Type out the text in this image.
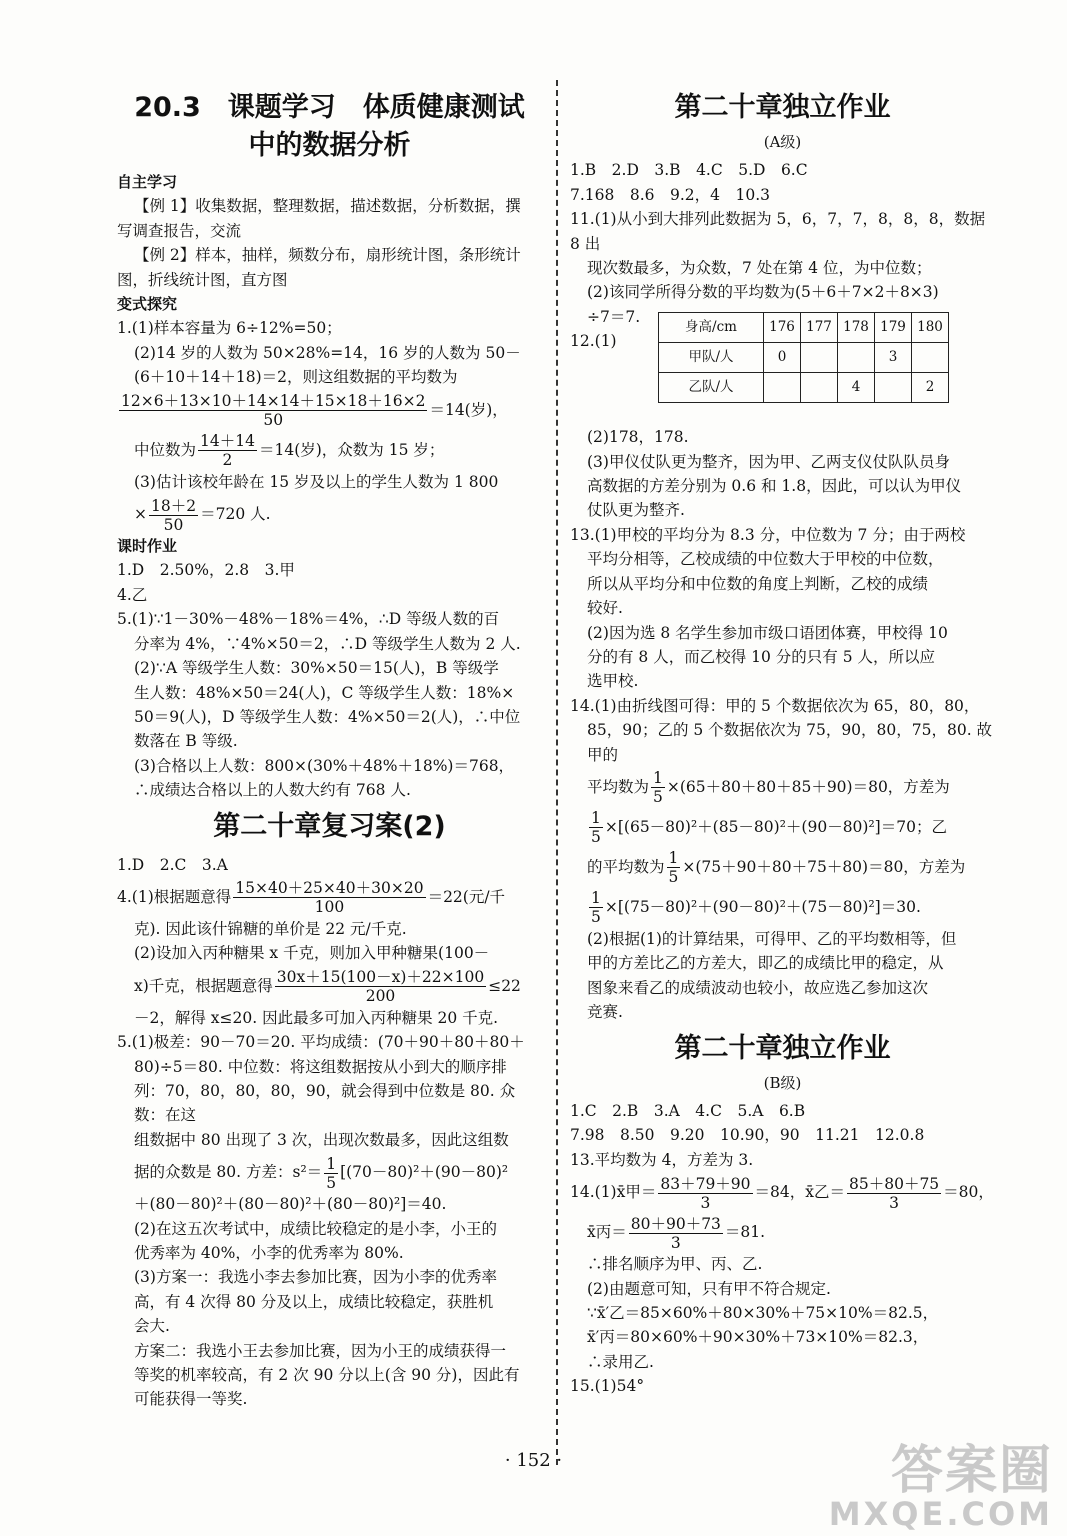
20.3　课题学习　体质健康测试
中的数据分析
自主学习

【例 1】收集数据，整理数据，描述数据，分析数据，撰

写调查报告，交流

【例 2】样本，抽样，频数分布，扇形统计图，条形统计

图，折线统计图，直方图

变式探究

1.(1)样本容量为 6÷12%=50；

(2)14 岁的人数为 50×28%=14，16 岁的人数为 50－

(6＋10＋14＋18)＝2，则这组数据的平均数为

$\frac{12\times 6+13\times 10+14\times 14+15\times 18+16\times 2}{50} =14$(岁)，

中位数为 $\frac{14+14}{2} =14$(岁)，众数为 15 岁；

(3)估计该校年龄在 15 岁及以上的学生人数为 1 800

× $\frac{18+2}{50} =720$ 人.

课时作业

1.D　2.50%，2.8　3.甲

4.乙

5.(1)∵1－30%－48%－18%＝4%，∴D 等级人数的百

分率为 4%，∵4%×50＝2，∴D 等级学生人数为 2 人.

(2)∵A 等级学生人数：30%×50＝15(人)，B 等级学

生人数：48%×50＝24(人)，C 等级学生人数：18%×

50＝9(人)，D 等级学生人数：4%×50＝2(人)，∴中位

数落在 B 等级.

(3)合格以上人数：800×(30%＋48%＋18%)＝768，

∴成绩达合格以上的人数大约有 768 人.

第二十章复习案(2)

1.D　2.C　3.A

4.(1)根据题意得 $\frac{15\times 40+25\times 40+30\times 20}{100} =22$(元/千

克). 因此该什锦糖的单价是 22 元/千克.

(2)设加入丙种糖果 x 千克，则加入甲种糖果(100－

x)千克，根据题意得 $\frac{30x+15(100-x)+22\times 100}{200} \le 22$

－2，解得 x≤20. 因此最多可加入丙种糖果 20 千克.

5.(1)极差：90－70＝20. 平均成绩：(70＋90＋80＋80＋

80)÷5＝80. 中位数：将这组数据按从小到大的顺序排

列：70，80，80，80，90，就会得到中位数是 80. 众数：在这

组数据中 80 出现了 3 次，出现次数最多，因此这组数

据的众数是 80. 方差：$s^2= \frac{1}{5} [(70-80)^2+(90-80)^2$

＋(80－80)²＋(80－80)²＋(80－80)²]＝40.

(2)在这五次考试中，成绩比较稳定的是小李，小王的

优秀率为 40%，小李的优秀率为 80%.

(3)方案一：我选小李去参加比赛，因为小李的优秀率

高，有 4 次得 80 分及以上，成绩比较稳定，获胜机

会大.

方案二：我选小王去参加比赛，因为小王的成绩获得一

等奖的机率较高，有 2 次 90 分以上(含 90 分)，因此有

可能获得一等奖.

第二十章独立作业
(A级)

1.B　2.D　3.B　4.C　5.D　6.C

7.168　8.6　9.2，4　10.3

11.(1)从小到大排列此数据为 5，6，7，7，8，8，8，数据 8 出

现次数最多，为众数，7 处在第 4 位，为中位数；

(2)该同学所得分数的平均数为(5＋6＋7×2＋8×3)

÷7＝7.

12.(1)

身高/cm	176	177	178	179	180
甲队/人	0			3	
乙队/人			4		2

(2)178，178.

(3)甲仪仗队更为整齐，因为甲、乙两支仪仗队队员身

高数据的方差分别为 0.6 和 1.8，因此，可以认为甲仪

仗队更为整齐.

13.(1)甲校的平均分为 8.3 分，中位数为 7 分；由于两校

平均分相等，乙校成绩的中位数大于甲校的中位数，

所以从平均分和中位数的角度上判断，乙校的成绩

较好.

(2)因为选 8 名学生参加市级口语团体赛，甲校得 10

分的有 8 人，而乙校得 10 分的只有 5 人，所以应

选甲校.

14.(1)由折线图可得：甲的 5 个数据依次为 65，80，80，

85，90；乙的 5 个数据依次为 75，90，80，75，80. 故甲的

平均数为 $\frac{1}{5} \times(65+80+80+85+90)=80$，方差为

$\frac{1}{5} \times[(65-80)^2+(85-80)^2+(90-80)^2]=70$；乙

的平均数为 $\frac{1}{5} \times(75+90+80+75+80)=80$，方差为

$\frac{1}{5} \times[(75-80)^2+(90-80)^2+(75-80)^2]=30$.

(2)根据(1)的计算结果，可得甲、乙的平均数相等，但

甲的方差比乙的方差大，即乙的成绩比甲的稳定，从

图象来看乙的成绩波动也较小，故应选乙参加这次

竞赛.

第二十章独立作业
(B级)

1.C　2.B　3.A　4.C　5.A　6.B

7.98　8.50　9.20　10.90，90　11.21　12.0.8

13.平均数为 4，方差为 3.

14.(1)x̄甲＝ $\frac{83+79+90}{3} =84$，x̄乙＝ $\frac{85+80+75}{3} =80$，

x̄丙＝ $\frac{80+90+73}{3} =81$.

∴排名顺序为甲、丙、乙.

(2)由题意可知，只有甲不符合规定.

∵x̄′乙＝85×60%＋80×30%＋75×10%＝82.5，

x̄′丙＝80×60%＋90×30%＋73×10%＝82.3，

∴录用乙.

15.(1)54°

· 152 ·	答案圈
MXQE.COM
